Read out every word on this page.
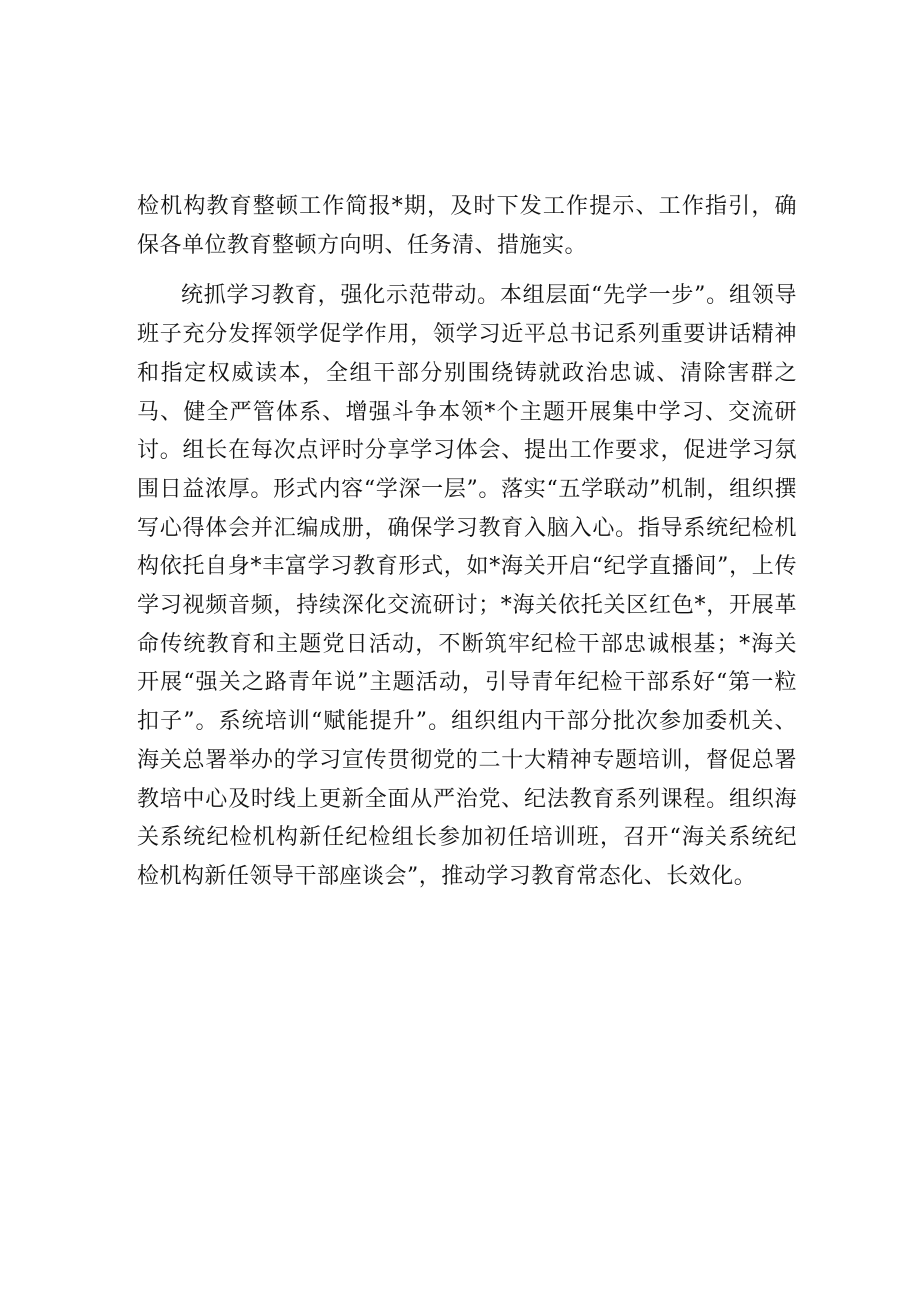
检机构教育整顿工作简报*期，及时下发工作提示、工作指引，确保各单位教育整顿方向明、任务清、措施实。

统抓学习教育，强化示范带动。本组层面“先学一步”。组领导班子充分发挥领学促学作用，领学习近平总书记系列重要讲话精神和指定权威读本，全组干部分别围绕铸就政治忠诚、清除害群之马、健全严管体系、增强斗争本领*个主题开展集中学习、交流研讨。组长在每次点评时分享学习体会、提出工作要求，促进学习氛围日益浓厚。形式内容“学深一层”。落实“五学联动”机制，组织撰写心得体会并汇编成册，确保学习教育入脑入心。指导系统纪检机构依托自身*丰富学习教育形式，如*海关开启“纪学直播间”，上传学习视频音频，持续深化交流研讨；*海关依托关区红色*，开展革命传统教育和主题党日活动，不断筑牢纪检干部忠诚根基；*海关开展“强关之路青年说”主题活动，引导青年纪检干部系好“第一粒扣子”。系统培训“赋能提升”。组织组内干部分批次参加委机关、海关总署举办的学习宣传贯彻党的二十大精神专题培训，督促总署教培中心及时线上更新全面从严治党、纪法教育系列课程。组织海关系统纪检机构新任纪检组长参加初任培训班，召开“海关系统纪检机构新任领导干部座谈会”，推动学习教育常态化、长效化。
